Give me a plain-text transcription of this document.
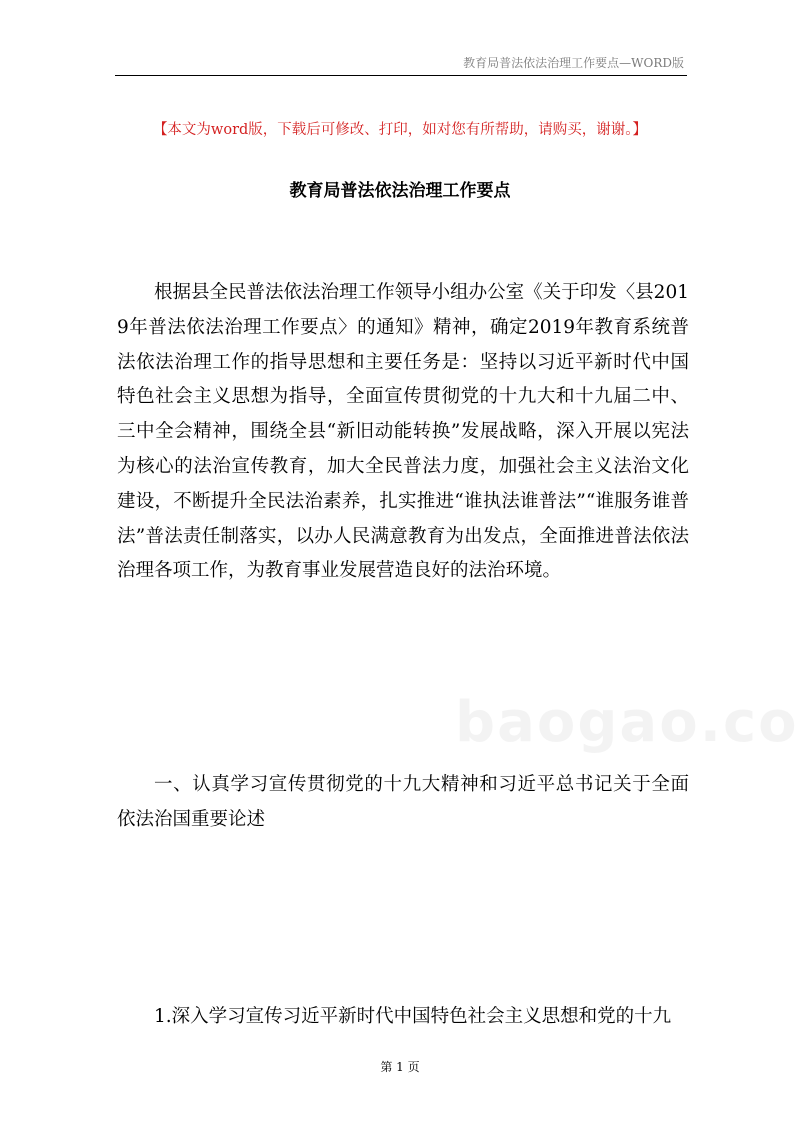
教育局普法依法治理工作要点—WORD版
【本文为word版，下载后可修改、打印，如对您有所帮助，请购买，谢谢。】
教育局普法依法治理工作要点

根据县全民普法依法治理工作领导小组办公室《关于印发〈县2019年普法依法治理工作要点〉的通知》精神，确定2019年教育系统普法依法治理工作的指导思想和主要任务是：坚持以习近平新时代中国特色社会主义思想为指导，全面宣传贯彻党的十九大和十九届二中、三中全会精神，围绕全县“新旧动能转换”发展战略，深入开展以宪法为核心的法治宣传教育，加大全民普法力度，加强社会主义法治文化建设，不断提升全民法治素养，扎实推进“谁执法谁普法”“谁服务谁普法”普法责任制落实，以办人民满意教育为出发点，全面推进普法依法治理各项工作，为教育事业发展营造良好的法治环境。

一、认真学习宣传贯彻党的十九大精神和习近平总书记关于全面依法治国重要论述

1.深入学习宣传习近平新时代中国特色社会主义思想和党的十九

第 1 页
